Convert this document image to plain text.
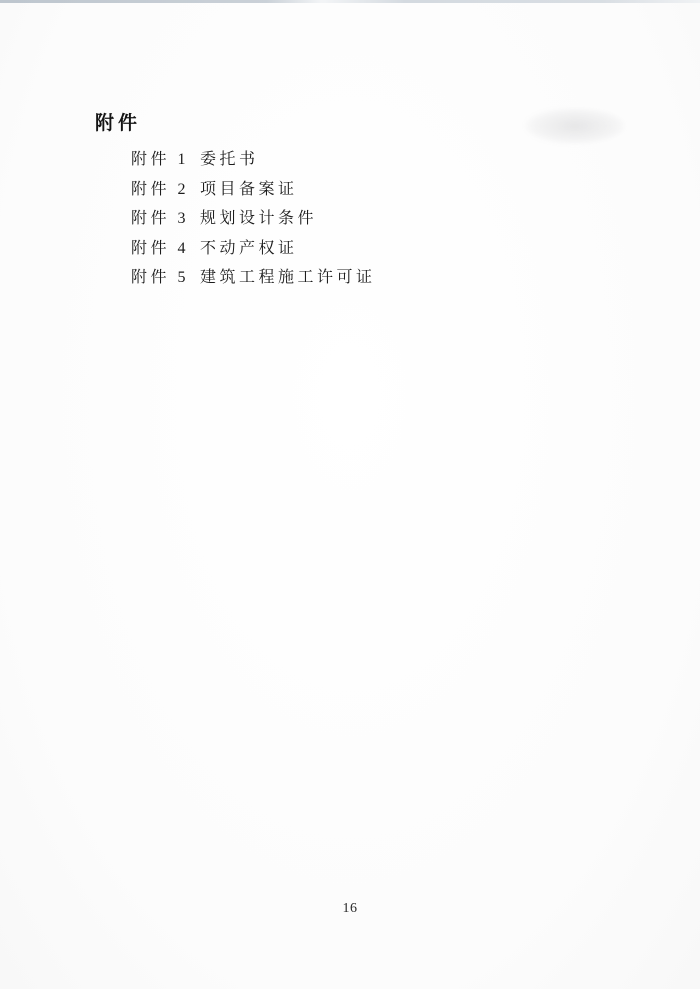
附件
附件 1 委托书
附件 2 项目备案证
附件 3 规划设计条件
附件 4 不动产权证
附件 5 建筑工程施工许可证
16
